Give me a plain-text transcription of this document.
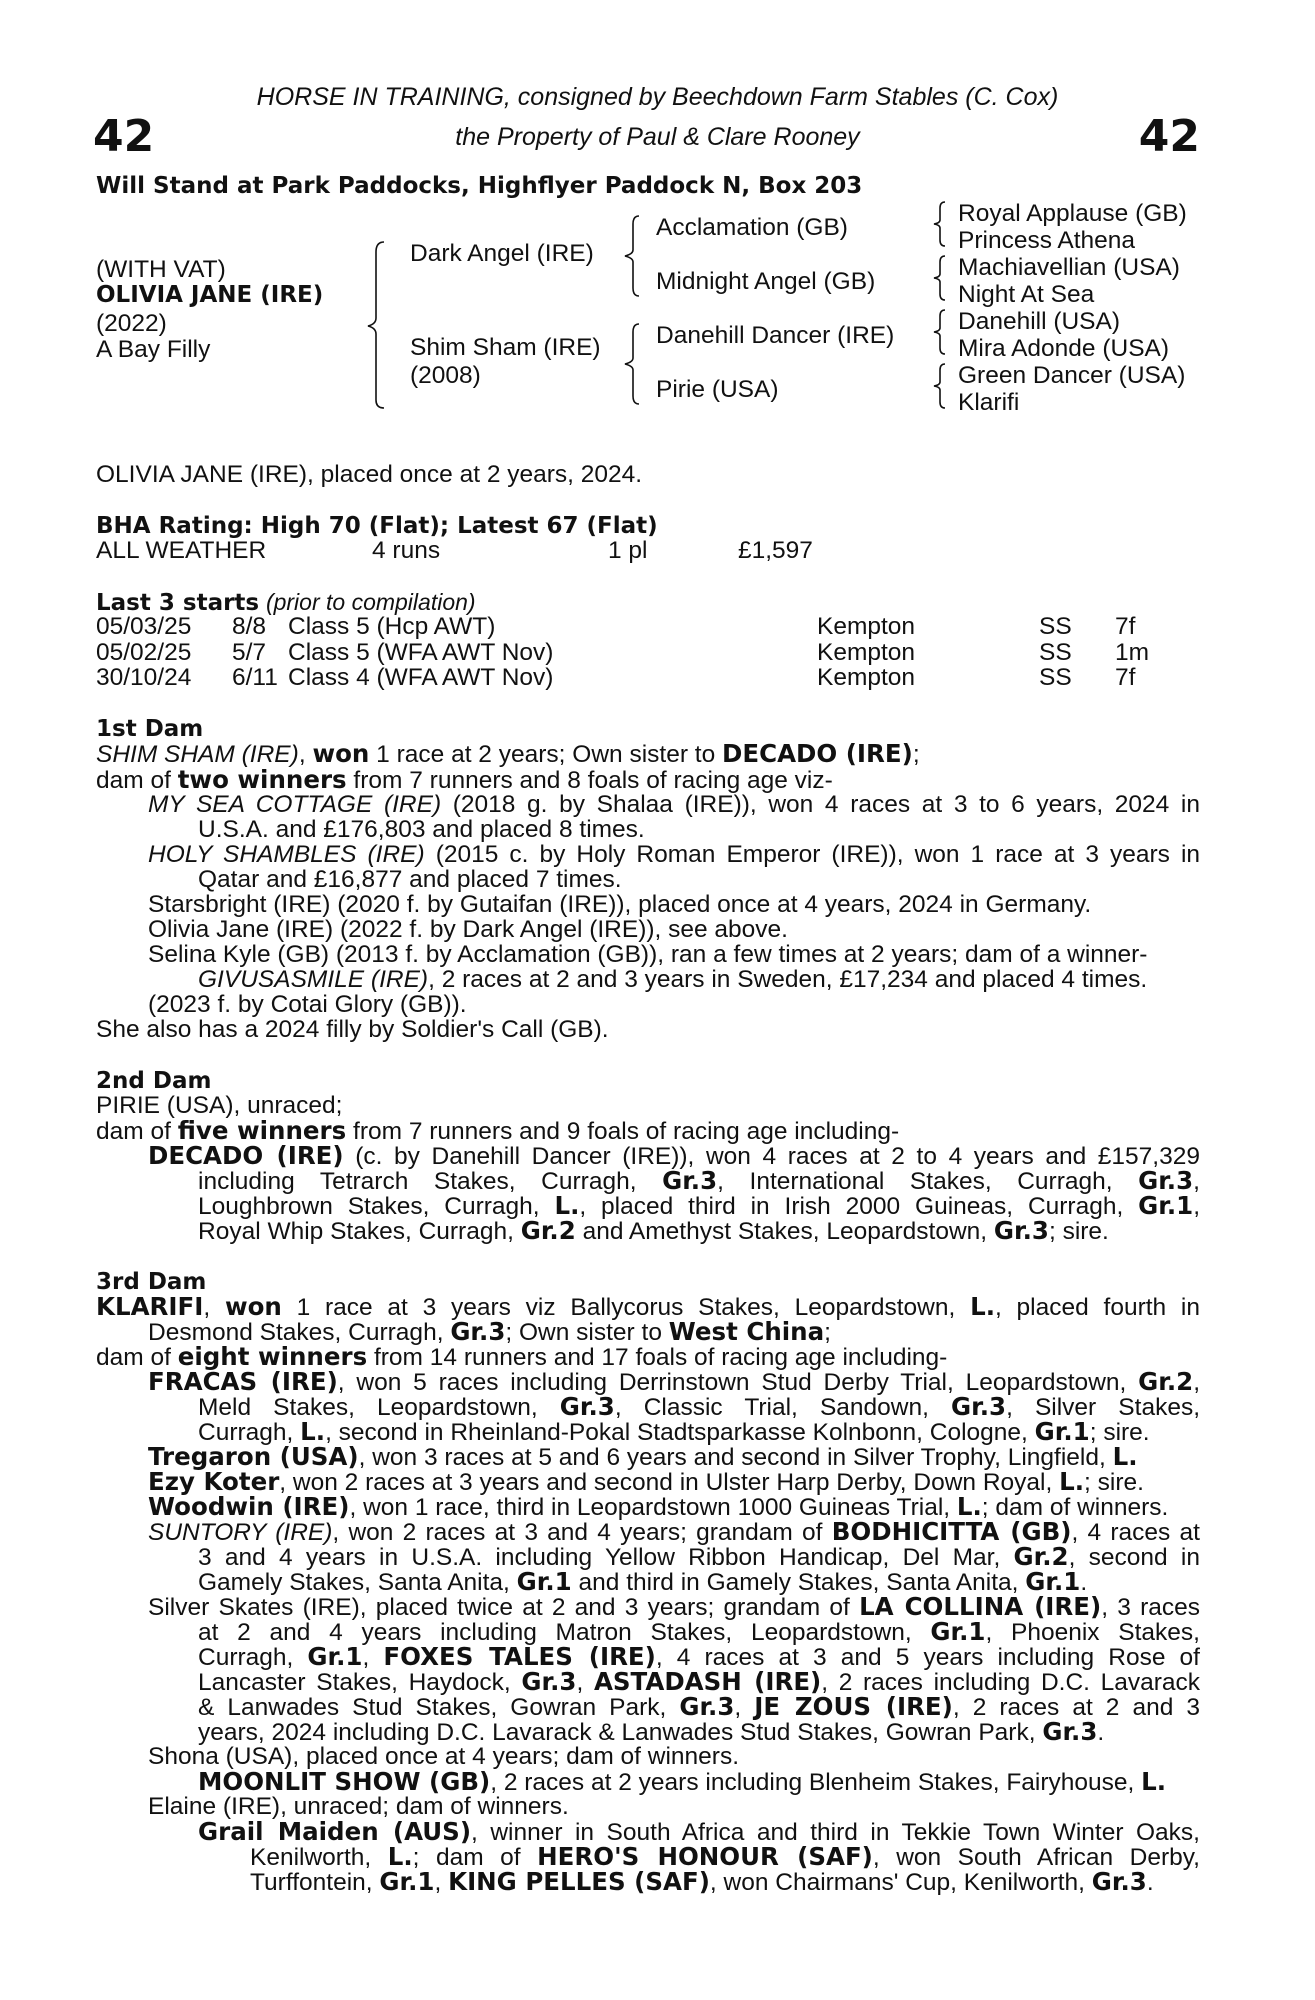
42	42
HORSE IN TRAINING, consigned by Beechdown Farm Stables (C. Cox)
the Property of Paul & Clare Rooney
Will Stand at Park Paddocks, Highflyer Paddock N, Box 203
(WITH VAT)
OLIVIA JANE (IRE)
(2022)
A Bay Filly
Dark Angel (IRE)
Shim Sham (IRE)
(2008)
Acclamation (GB)
Midnight Angel (GB)
Danehill Dancer (IRE)
Pirie (USA)
Royal Applause (GB)
Princess Athena
Machiavellian (USA)
Night At Sea
Danehill (USA)
Mira Adonde (USA)
Green Dancer (USA)
Klarifi
OLIVIA JANE (IRE), placed once at 2 years, 2024.
BHA Rating: High 70 (Flat); Latest 67 (Flat)
ALL WEATHER	4 runs	1 pl	£1,597
Last 3 starts (prior to compilation)
05/03/25 8/8 Class 5 (Hcp AWT)	Kempton	SS 7f
05/02/25 5/7 Class 5 (WFA AWT Nov)	Kempton	SS 1m
30/10/24 6/11 Class 4 (WFA AWT Nov)	Kempton	SS 7f
1st Dam
SHIM SHAM (IRE), won 1 race at 2 years; Own sister to DECADO (IRE);
dam of two winners from 7 runners and 8 foals of racing age viz-
MY SEA COTTAGE (IRE) (2018 g. by Shalaa (IRE)), won 4 races at 3 to 6 years, 2024 in
U.S.A. and £176,803 and placed 8 times.
HOLY SHAMBLES (IRE) (2015 c. by Holy Roman Emperor (IRE)), won 1 race at 3 years in
Qatar and £16,877 and placed 7 times.
Starsbright (IRE) (2020 f. by Gutaifan (IRE)), placed once at 4 years, 2024 in Germany.
Olivia Jane (IRE) (2022 f. by Dark Angel (IRE)), see above.
Selina Kyle (GB) (2013 f. by Acclamation (GB)), ran a few times at 2 years; dam of a winner-
GIVUSASMILE (IRE), 2 races at 2 and 3 years in Sweden, £17,234 and placed 4 times.
(2023 f. by Cotai Glory (GB)).
She also has a 2024 filly by Soldier's Call (GB).
2nd Dam
PIRIE (USA), unraced;
dam of five winners from 7 runners and 9 foals of racing age including-
DECADO (IRE) (c. by Danehill Dancer (IRE)), won 4 races at 2 to 4 years and £157,329
including Tetrarch Stakes, Curragh, Gr.3, International Stakes, Curragh, Gr.3,
Loughbrown Stakes, Curragh, L., placed third in Irish 2000 Guineas, Curragh, Gr.1,
Royal Whip Stakes, Curragh, Gr.2 and Amethyst Stakes, Leopardstown, Gr.3; sire.
3rd Dam
KLARIFI, won 1 race at 3 years viz Ballycorus Stakes, Leopardstown, L., placed fourth in
Desmond Stakes, Curragh, Gr.3; Own sister to West China;
dam of eight winners from 14 runners and 17 foals of racing age including-
FRACAS (IRE), won 5 races including Derrinstown Stud Derby Trial, Leopardstown, Gr.2,
Meld Stakes, Leopardstown, Gr.3, Classic Trial, Sandown, Gr.3, Silver Stakes,
Curragh, L., second in Rheinland-Pokal Stadtsparkasse Kolnbonn, Cologne, Gr.1; sire.
Tregaron (USA), won 3 races at 5 and 6 years and second in Silver Trophy, Lingfield, L.
Ezy Koter, won 2 races at 3 years and second in Ulster Harp Derby, Down Royal, L.; sire.
Woodwin (IRE), won 1 race, third in Leopardstown 1000 Guineas Trial, L.; dam of winners.
SUNTORY (IRE), won 2 races at 3 and 4 years; grandam of BODHICITTA (GB), 4 races at
3 and 4 years in U.S.A. including Yellow Ribbon Handicap, Del Mar, Gr.2, second in
Gamely Stakes, Santa Anita, Gr.1 and third in Gamely Stakes, Santa Anita, Gr.1.
Silver Skates (IRE), placed twice at 2 and 3 years; grandam of LA COLLINA (IRE), 3 races
at 2 and 4 years including Matron Stakes, Leopardstown, Gr.1, Phoenix Stakes,
Curragh, Gr.1, FOXES TALES (IRE), 4 races at 3 and 5 years including Rose of
Lancaster Stakes, Haydock, Gr.3, ASTADASH (IRE), 2 races including D.C. Lavarack
& Lanwades Stud Stakes, Gowran Park, Gr.3, JE ZOUS (IRE), 2 races at 2 and 3
years, 2024 including D.C. Lavarack & Lanwades Stud Stakes, Gowran Park, Gr.3.
Shona (USA), placed once at 4 years; dam of winners.
MOONLIT SHOW (GB), 2 races at 2 years including Blenheim Stakes, Fairyhouse, L.
Elaine (IRE), unraced; dam of winners.
Grail Maiden (AUS), winner in South Africa and third in Tekkie Town Winter Oaks,
Kenilworth, L.; dam of HERO'S HONOUR (SAF), won South African Derby,
Turffontein, Gr.1, KING PELLES (SAF), won Chairmans' Cup, Kenilworth, Gr.3.
